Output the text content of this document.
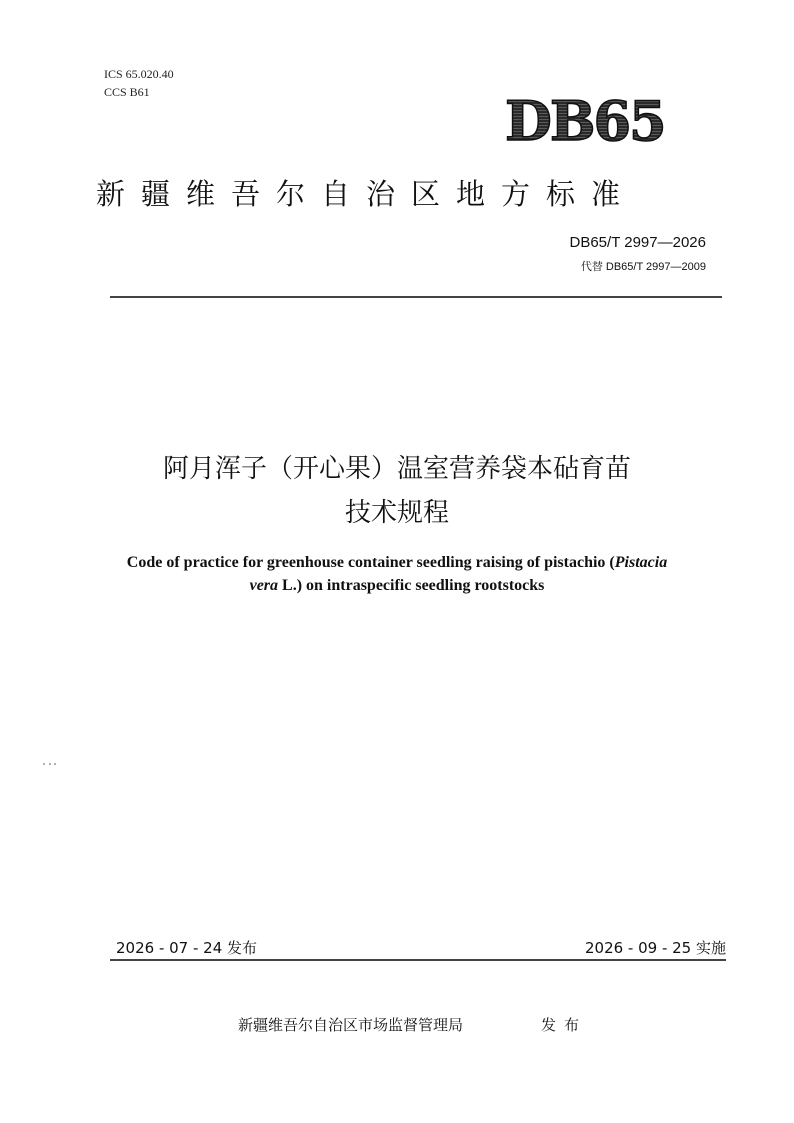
ICS 65.020.40
CCS B61	DB65
新疆维吾尔自治区地方标准
DB65/T 2997—2026
代替 DB65/T 2997—2009
阿月浑子（开心果）温室营养袋本砧育苗
技术规程
Code of practice for greenhouse container seedling raising of pistachio (Pistacia
vera L.) on intraspecific seedling rootstocks
2026 - 07 - 24 发布	2026 - 09 - 25 实施
新疆维吾尔自治区市场监督管理局	发布
